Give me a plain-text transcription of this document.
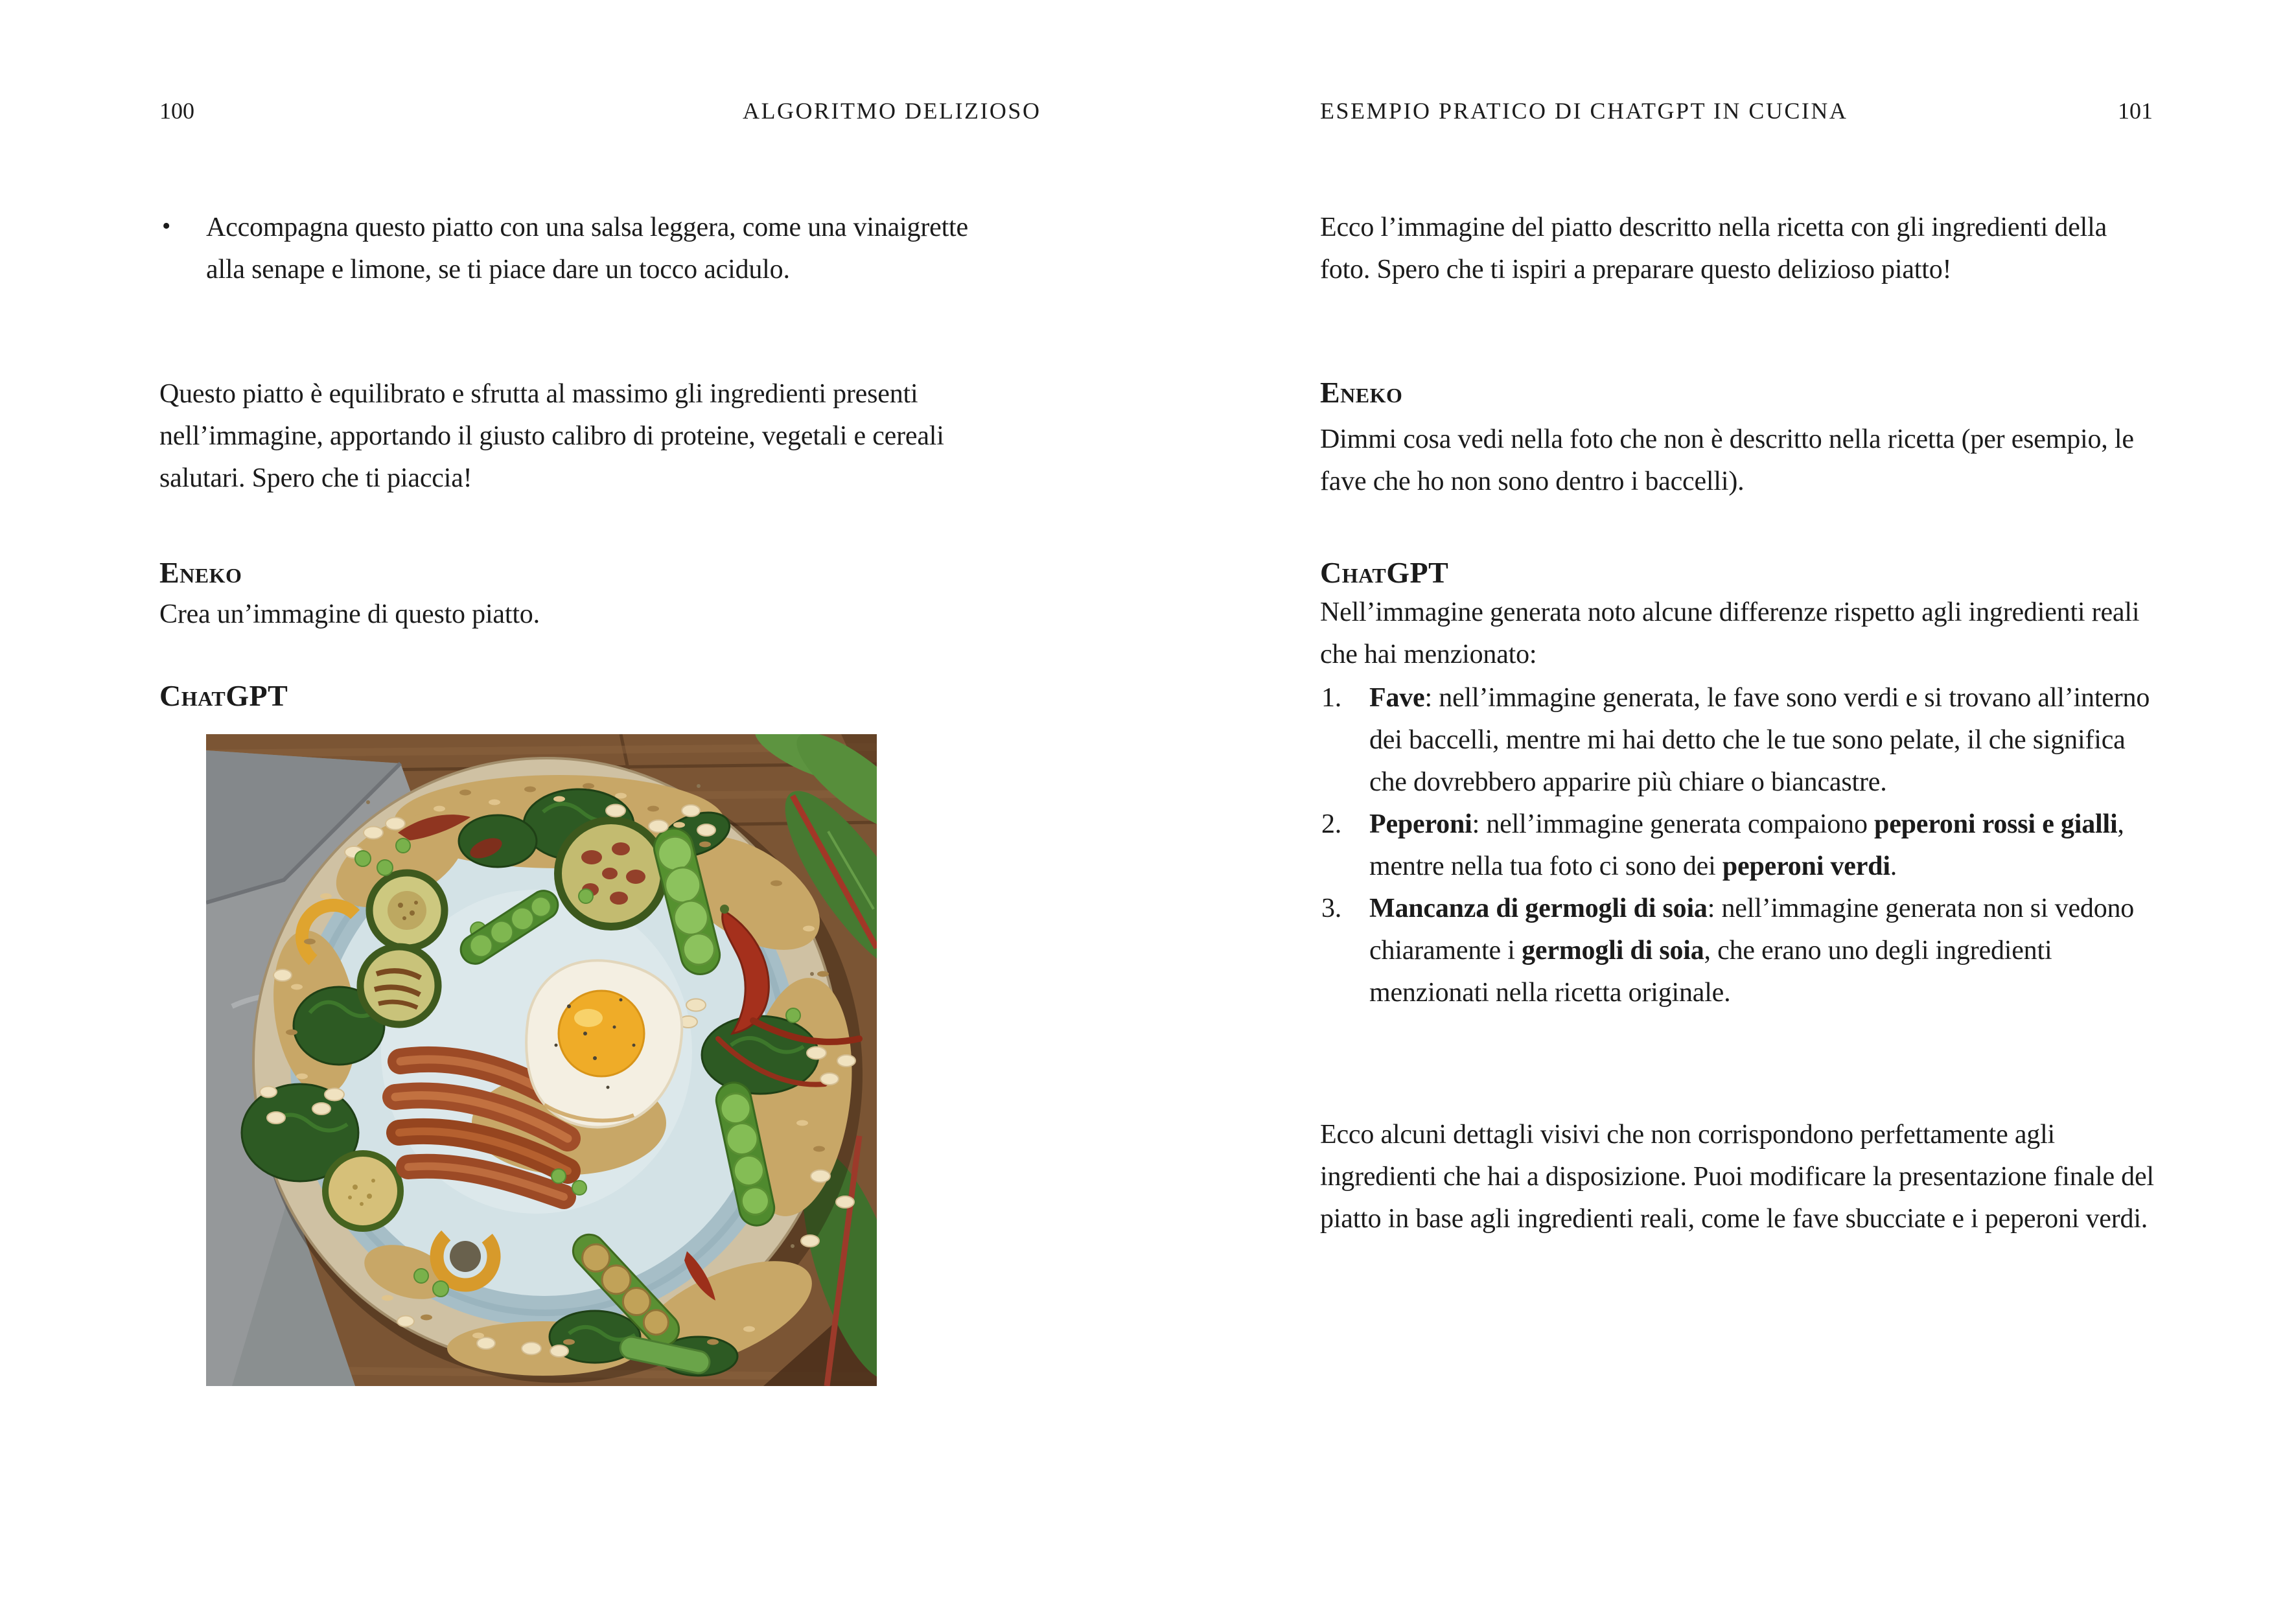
100	ALGORITMO DELIZIOSO
• Accompagna questo piatto con una salsa leggera, come una vinaigrette alla senape e limone, se ti piace dare un tocco acidulo.

Questo piatto è equilibrato e sfrutta al massimo gli ingredienti presenti nell’immagine, apportando il giusto calibro di proteine, vegetali e cereali salutari. Spero che ti piaccia!

Eneko

Crea un’immagine di questo piatto.

ChatGPT
ESEMPIO PRATICO DI CHATGPT IN CUCINA	101

Ecco l’immagine del piatto descritto nella ricetta con gli ingredienti della foto. Spero che ti ispiri a preparare questo delizioso piatto!

Eneko

Dimmi cosa vedi nella foto che non è descritto nella ricetta (per esempio, le fave che ho non sono dentro i baccelli).

ChatGPT

Nell’immagine generata noto alcune differenze rispetto agli ingredienti reali che hai menzionato:

1. Fave: nell’immagine generata, le fave sono verdi e si trovano all’interno dei baccelli, mentre mi hai detto che le tue sono pelate, il che significa che dovrebbero apparire più chiare o biancastre.
2. Peperoni: nell’immagine generata compaiono peperoni rossi e gialli, mentre nella tua foto ci sono dei peperoni verdi.
3. Mancanza di germogli di soia: nell’immagine generata non si vedono chiaramente i germogli di soia, che erano uno degli ingredienti menzionati nella ricetta originale.

Ecco alcuni dettagli visivi che non corrispondono perfettamente agli ingredienti che hai a disposizione. Puoi modificare la presentazione finale del piatto in base agli ingredienti reali, come le fave sbucciate e i peperoni verdi.
